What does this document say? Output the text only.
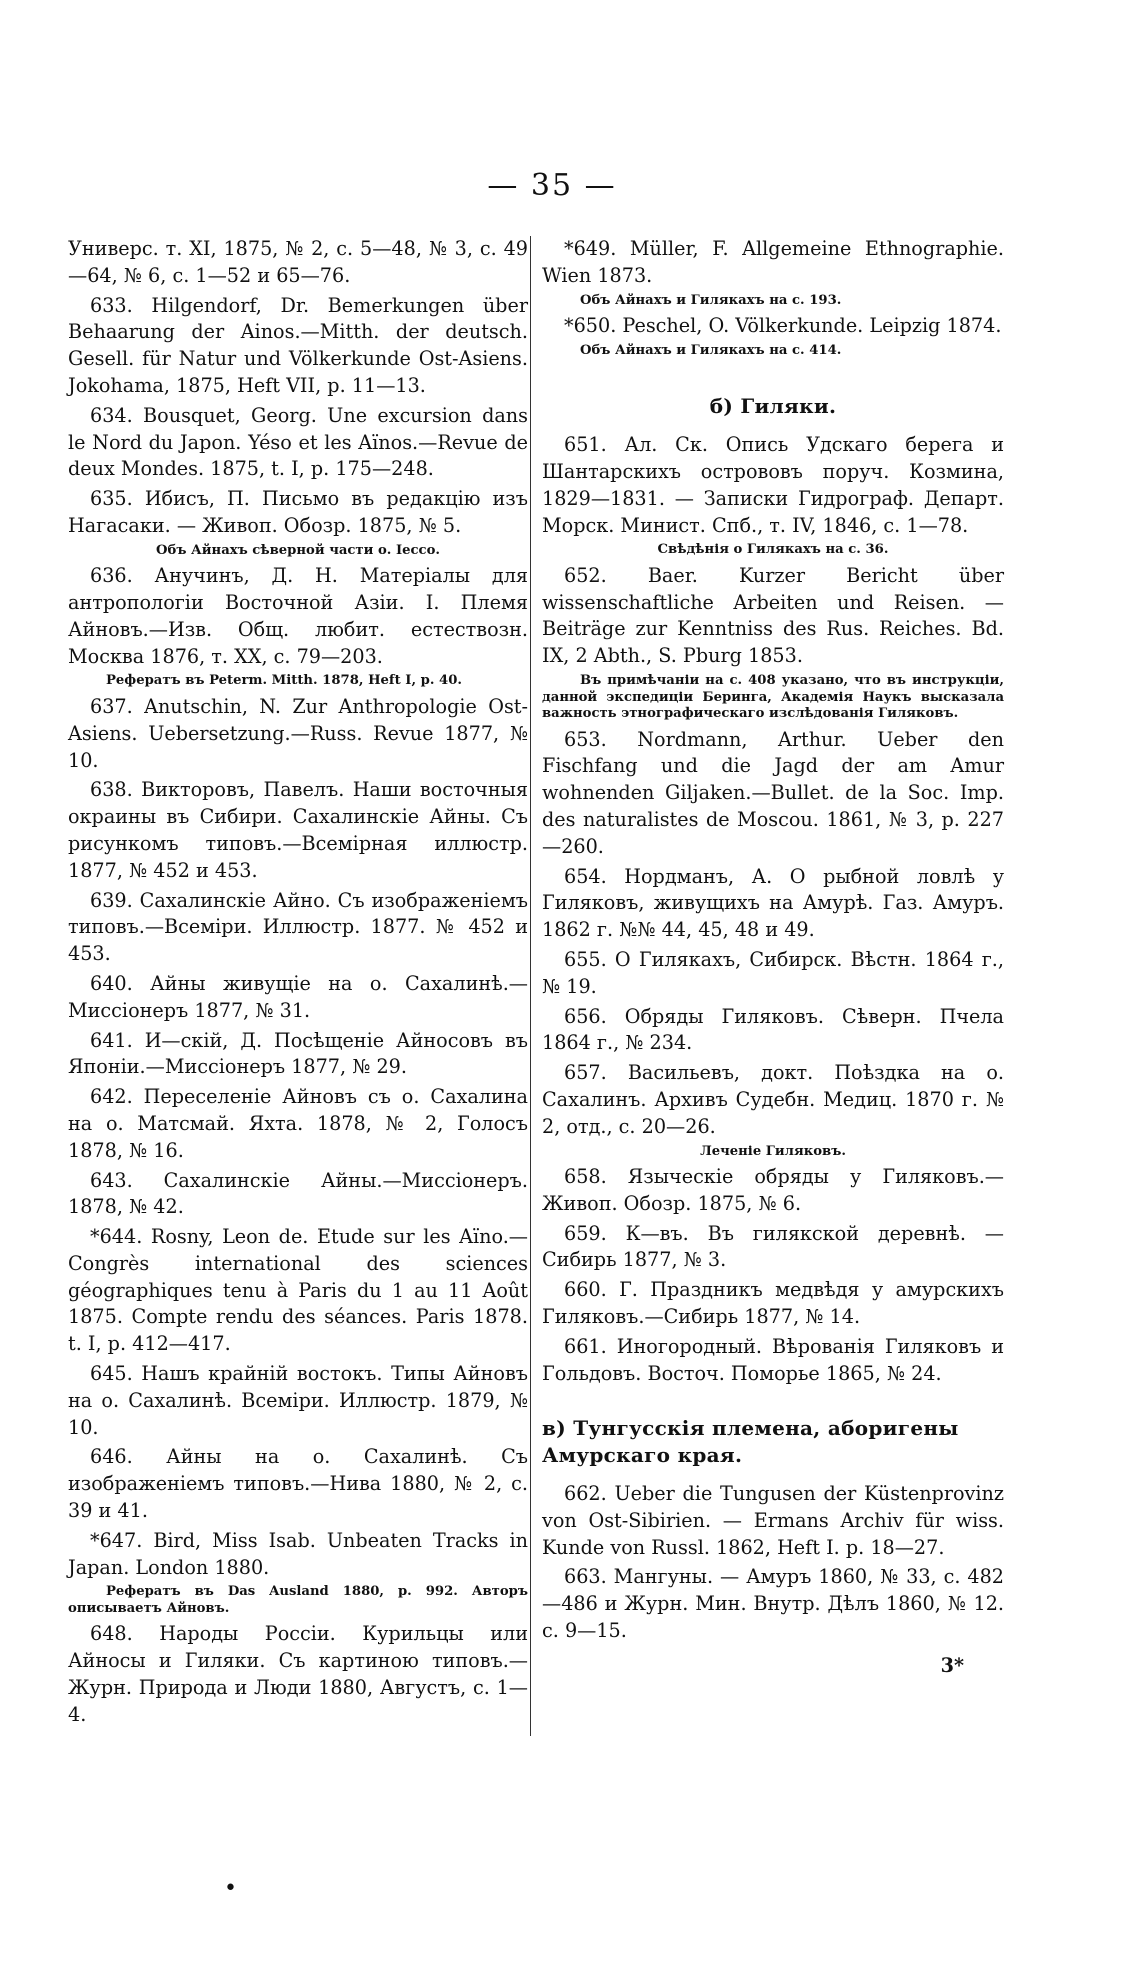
— 35 —
Универс. т. XI, 1875, № 2, с. 5—48, № 3, с. 49—64, № 6, с. 1—52 и 65—76.
633. Hilgendorf, Dr. Bemerkungen über Behaarung der Ainos.—Mitth. der deutsch. Gesell. für Natur und Völkerkunde Ost-Asiens. Jokohama, 1875, Heft VII, p. 11—13.
634. Bousquet, Georg. Une excursion dans le Nord du Japon. Yéso et les Aïnos.—Revue de deux Mondes. 1875, t. I, p. 175—248.
635. Ибисъ, П. Письмо въ редакцію изъ Нагасаки. — Живоп. Обозр. 1875, № 5.
Объ Айнахъ сѣверной части о. Іессо.
636. Анучинъ, Д. Н. Матеріалы для антропологіи Восточной Азіи. I. Племя Айновъ.—Изв. Общ. любит. естествозн. Москва 1876, т. XX, с. 79—203.
Рефератъ въ Peterm. Mitth. 1878, Heft I, p. 40.
637. Anutschin, N. Zur Anthropologie Ost-Asiens. Uebersetzung.—Russ. Revue 1877, № 10.
638. Викторовъ, Павелъ. Наши восточныя окраины въ Сибири. Сахалинскіе Айны. Съ рисункомъ типовъ.—Всемірная иллюстр. 1877, № 452 и 453.
639. Сахалинскіе Айно. Съ изображеніемъ типовъ.—Всеміри. Иллюстр. 1877. № 452 и 453.
640. Айны живущіе на о. Сахалинѣ.— Миссіонеръ 1877, № 31.
641. И—скій, Д. Посѣщеніе Айносовъ въ Японіи.—Миссіонеръ 1877, № 29.
642. Переселеніе Айновъ съ о. Сахалина на о. Матсмай. Яхта. 1878, № 2, Голосъ 1878, № 16.
643. Сахалинскіе Айны.—Миссіонеръ. 1878, № 42.
*644. Rosny, Leon de. Etude sur les Aïno.—Congrès international des sciences géographiques tenu à Paris du 1 au 11 Août 1875. Compte rendu des séances. Paris 1878. t. I, p. 412—417.
645. Нашъ крайній востокъ. Типы Айновъ на о. Сахалинѣ. Всеміри. Иллюстр. 1879, № 10.
646. Айны на о. Сахалинѣ. Съ изображеніемъ типовъ.—Нива 1880, № 2, с. 39 и 41.
*647. Bird, Miss Isab. Unbeaten Tracks in Japan. London 1880.
Рефератъ въ Das Ausland 1880, p. 992. Авторъ описываетъ Айновъ.
648. Народы Россіи. Курильцы или Айносы и Гиляки. Съ картиною типовъ.— Журн. Природа и Люди 1880, Августъ, с. 1—4.
*649. Müller, F. Allgemeine Ethnographie. Wien 1873.
Объ Айнахъ и Гилякахъ на с. 193.
*650. Peschel, O. Völkerkunde. Leipzig 1874.
Объ Айнахъ и Гилякахъ на с. 414.
б) Гиляки.
651. Ал. Ск. Опись Удскаго берега и Шантарскихъ острововъ поруч. Козмина, 1829—1831. — Записки Гидрограф. Департ. Морск. Минист. Спб., т. IV, 1846, с. 1—78.
Свѣдѣнія о Гилякахъ на с. 36.
652. Baer. Kurzer Bericht über wissenschaftliche Arbeiten und Reisen. — Beiträge zur Kenntniss des Rus. Reiches. Bd. IX, 2 Abth., S. Pburg 1853.
Въ примѣчаніи на с. 408 указано, что въ инструкціи, данной экспедиціи Беринга, Академія Наукъ высказала важность этнографическаго изслѣдованія Гиляковъ.
653. Nordmann, Arthur. Ueber den Fischfang und die Jagd der am Amur wohnenden Giljaken.—Bullet. de la Soc. Imp. des naturalistes de Moscou. 1861, № 3, p. 227—260.
654. Нордманъ, А. О рыбной ловлѣ у Гиляковъ, живущихъ на Амурѣ. Газ. Амуръ. 1862 г. №№ 44, 45, 48 и 49.
655. О Гилякахъ, Сибирск. Вѣстн. 1864 г., № 19.
656. Обряды Гиляковъ. Сѣверн. Пчела 1864 г., № 234.
657. Васильевъ, докт. Поѣздка на о. Сахалинъ. Архивъ Судебн. Медиц. 1870 г. № 2, отд., с. 20—26.
Леченіе Гиляковъ.
658. Языческіе обряды у Гиляковъ.— Живоп. Обозр. 1875, № 6.
659. К—въ. Въ гилякской деревнѣ. — Сибирь 1877, № 3.
660. Г. Праздникъ медвѣдя у амурскихъ Гиляковъ.—Сибирь 1877, № 14.
661. Иногородный. Вѣрованія Гиляковъ и Гольдовъ. Восточ. Поморье 1865, № 24.
в) Тунгусскія племена, аборигены Амурскаго края.
662. Ueber die Tungusen der Küstenprovinz von Ost-Sibirien. — Ermans Archiv für wiss. Kunde von Russl. 1862, Heft I. p. 18—27.
663. Мангуны. — Амуръ 1860, № 33, с. 482—486 и Журн. Мин. Внутр. Дѣлъ 1860, № 12. с. 9—15.
3*
•
